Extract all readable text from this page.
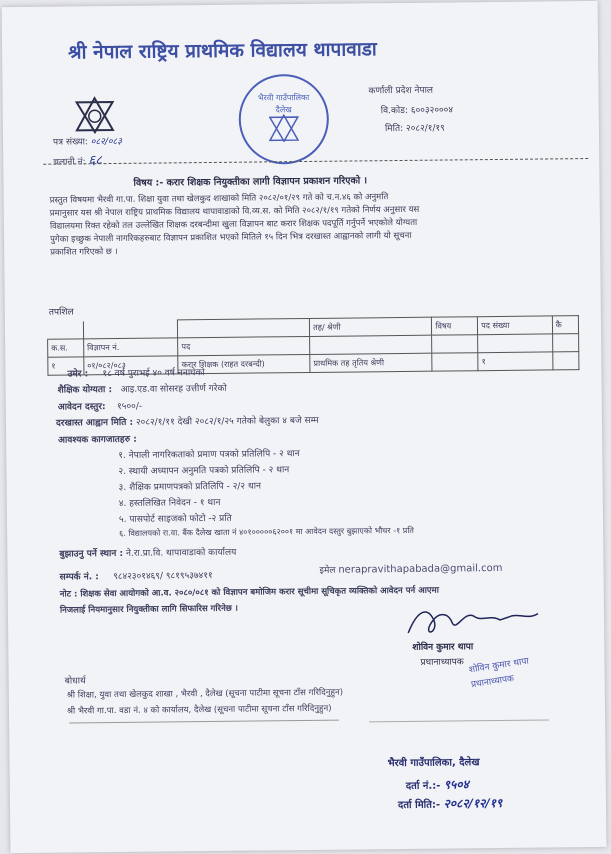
श्री नेपाल राष्ट्रिय प्राथमिक विद्यालय थापावाडा
भैरवी गाउँपालिका
दैलेख
पत्र संख्या: ०८२/०८३
चलानी नं: ६८
कर्णाली प्रदेश नेपाल
वि.कोड: ६००३२०००४
मिति: २०८२/१/१९
विषय :- करार शिक्षक नियुक्तीका लागी विज्ञापन प्रकाशन गरिएको ।
प्रस्तुत विषयमा भैरवी गा.पा. शिक्षा युवा तथा खेलकुद शाखाको मिति २०८२/०१/२९ गते को च.न.४६ को अनुमति
प्रमानुसार यस श्री नेपाल राष्ट्रिय प्राथमिक विद्यालय थापावाडाको वि.व्य.स. को मिति २०८२/१/१९ गतेको निर्णय अनुसार यस
विद्यालयमा रिक्त रहेको तल उल्लेखित शिक्षक दरबन्दीमा खुला विज्ञापन बाट करार शिक्षक पदपूर्ति गर्नुपर्ने भएकोले योग्यता
पुगेका इच्छुक नेपाली नागरिकहरुबाट विज्ञापन प्रकाशित भएको मितिले १५ दिन भित्र दरखास्त आह्वानको लागी यो सूचना
प्रकाशित गरिएको छ ।
तपशिल
			तह/ श्रेणी	विषय	पद संख्या	कै
क.स.	विज्ञापन नं.	पद				
१	०१/०८२/०८३	करार शिक्षक (राहत दरबन्दी)	प्राथमिक तह तृतिय श्रेणी		१	
उमेर : १८ वर्ष पुराभई ४० वर्ष ननाघेको
शैक्षिक योग्यता : आइ.एड.वा सोसरह उत्तीर्ण गरेको
आवेदन दस्तुर: १५००/-
दरखास्त आह्वान मिति : २०८२/१/११ देखी २०८२/१/२५ गतेको बेलुका ४ बजे सम्म
आवश्यक कागजातहरु :
१. नेपाली नागरिकताको प्रमाण पत्रको प्रतिलिपि - २ थान
२. स्थायी अध्यापन अनुमति पत्रको प्रतिलिपि - २ थान
३. शैक्षिक प्रमाणपत्रको प्रतिलिपि - २/२ थान
४. हस्तलिखित निवेदन - १ थान
५. पासपोर्ट साइजको फोटो -२ प्रति
६. विद्यालयको रा.वा. बैंक दैलेख खाता नं ४०१०००००६२००१ मा आवेदन दस्तुर बुझाएको भौचर -१ प्रति
बुझाउनु पर्ने स्थान : ने.रा.प्रा.वि. थापावाडाको कार्यालय
सम्पर्क नं. : ९८४२३०१४६९/ ९८१९५३७४११
इमेल nerapravithapabada@gmail.com
नोट : शिक्षक सेवा आयोगको आ.व. २०८०/०८१ को विज्ञापन बमोजिम करार सूचीमा सूचिकृत व्यक्तिको आवेदन पर्न आएमा
निजलाई नियमानुसार नियुक्तीका लागि सिफारिस गरिनेछ ।
शोविन कुमार थापा
प्रधानाध्यापक शोविन कुमार थापा
प्रधानाध्यापक
बोधार्थ
श्री शिक्षा, युवा तथा खेलकुद शाखा , भैरवी , दैलेख (सूचना पाटीमा सूचना टाँस गरिदिनुहुन)
श्री भैरवी गा.पा. वडा नं. ४ को कार्यालय, दैलेख (सूचना पाटीमा सूचना टाँस गरिदिनुहुन)
भैरवी गाउँपालिका, दैलेख
दर्ता नं.:- ९५०४
दर्ता मिति:- २०८२/१२/१९
